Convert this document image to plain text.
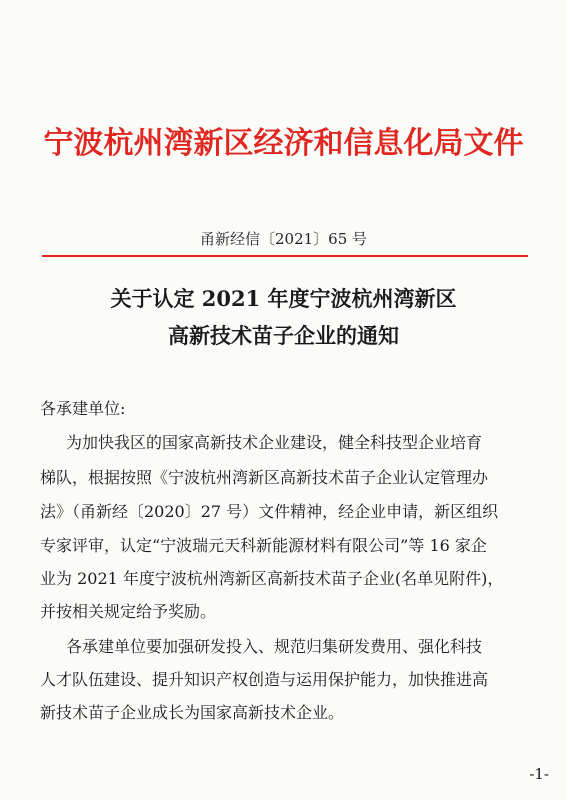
宁波杭州湾新区经济和信息化局文件
甬新经信〔2021〕65 号
关于认定 2021 年度宁波杭州湾新区
高新技术苗子企业的通知
各承建单位:
为加快我区的国家高新技术企业建设，健全科技型企业培育
梯队，根据按照《宁波杭州湾新区高新技术苗子企业认定管理办
法》（甬新经〔2020〕27 号）文件精神，经企业申请，新区组织
专家评审，认定“宁波瑞元天科新能源材料有限公司”等 16 家企
业为 2021 年度宁波杭州湾新区高新技术苗子企业(名单见附件)，
并按相关规定给予奖励。
各承建单位要加强研发投入、规范归集研发费用、强化科技
人才队伍建设、提升知识产权创造与运用保护能力，加快推进高
新技术苗子企业成长为国家高新技术企业。
-1-
